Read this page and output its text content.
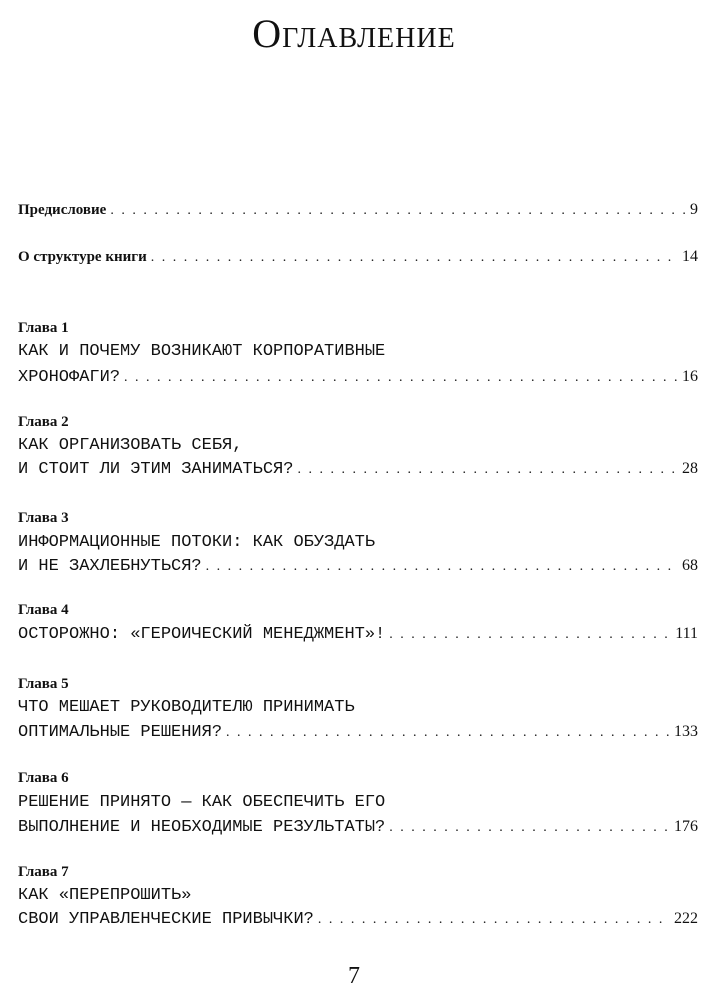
Оглавление
Предисловие . . .	9
О структуре книги . . .	14
Глава 1
КАК И ПОЧЕМУ ВОЗНИКАЮТ КОРПОРАТИВНЫЕ
ХРОНОФАГИ? . . .	16
Глава 2
КАК ОРГАНИЗОВАТЬ СЕБЯ,
И СТОИТ ЛИ ЭТИМ ЗАНИМАТЬСЯ? . . .	28
Глава 3
ИНФОРМАЦИОННЫЕ ПОТОКИ: КАК ОБУЗДАТЬ
И НЕ ЗАХЛЕБНУТЬСЯ? . . .	68
Глава 4
ОСТОРОЖНО: «ГЕРОИЧЕСКИЙ МЕНЕДЖМЕНТ»! . . .	111
Глава 5
ЧТО МЕШАЕТ РУКОВОДИТЕЛЮ ПРИНИМАТЬ
ОПТИМАЛЬНЫЕ РЕШЕНИЯ? . . .	133
Глава 6
РЕШЕНИЕ ПРИНЯТО — КАК ОБЕСПЕЧИТЬ ЕГО
ВЫПОЛНЕНИЕ И НЕОБХОДИМЫЕ РЕЗУЛЬТАТЫ? . . .	176
Глава 7
КАК «ПЕРЕПРОШИТЬ»
СВОИ УПРАВЛЕНЧЕСКИЕ ПРИВЫЧКИ? . . .	222
7
